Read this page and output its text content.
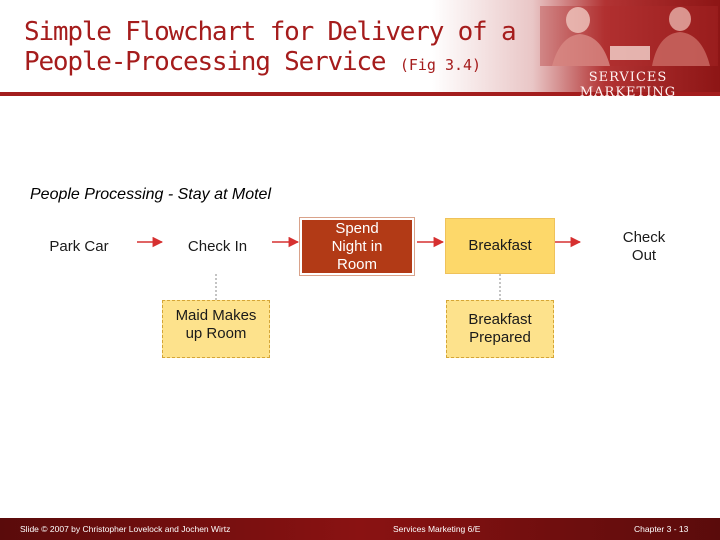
Simple Flowchart for Delivery of a
People-Processing Service (Fig 3.4)
SERVICES MARKETING
People Processing - Stay at Motel
Park Car	Check In
Spend Night in Room
Breakfast	Check Out
Maid Makes up Room
Breakfast Prepared
Slide © 2007 by Christopher Lovelock and Jochen Wirtz	Services Marketing 6/E	Chapter 3 - 13
